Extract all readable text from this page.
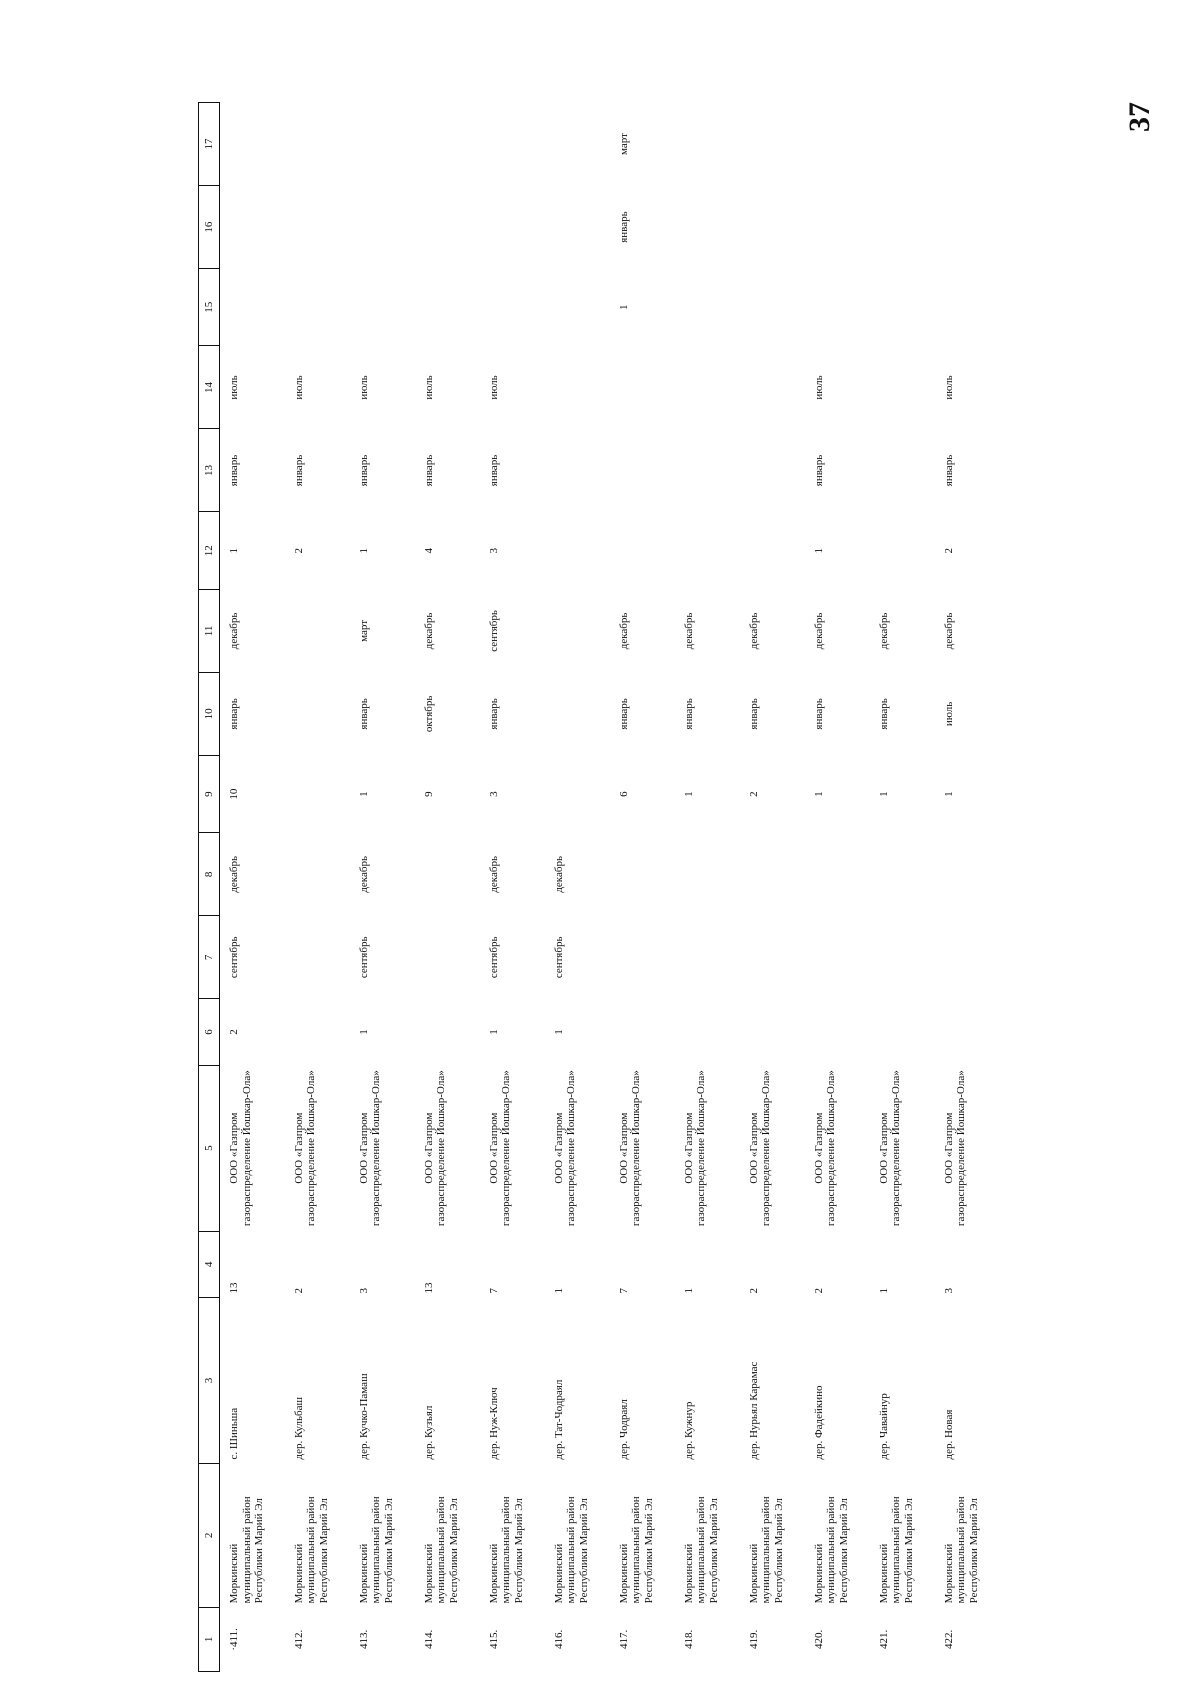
37
1	2	3	4	5	6	7	8	9	10	11	12	13	14	15	16	17
·411.	Моркинский муниципальный район Республики Марий Эл	с. Шиньша	13	ООО «Газпром газораспределение Йошкар-Ола»	2	сентябрь	декабрь	10	январь	декабрь	1	январь	июль			
412.	Моркинский муниципальный район Республики Марий Эл	дер. Кульбаш	2	ООО «Газпром газораспределение Йошкар-Ола»							2	январь	июль			
413.	Моркинский муниципальный район Республики Марий Эл	дер. Кучко-Памаш	3	ООО «Газпром газораспределение Йошкар-Ола»	1	сентябрь	декабрь	1	январь	март	1	январь	июль			
414.	Моркинский муниципальный район Республики Марий Эл	дер. Кузъял	13	ООО «Газпром газораспределение Йошкар-Ола»				9	октябрь	декабрь	4	январь	июль			
415.	Моркинский муниципальный район Республики Марий Эл	дер. Нуж-Ключ	7	ООО «Газпром газораспределение Йошкар-Ола»	1	сентябрь	декабрь	3	январь	сентябрь	3	январь	июль			
416.	Моркинский муниципальный район Республики Марий Эл	дер. Тат-Чодраял	1	ООО «Газпром газораспределение Йошкар-Ола»	1	сентябрь	декабрь									
417.	Моркинский муниципальный район Республики Марий Эл	дер. Чодраял	7	ООО «Газпром газораспределение Йошкар-Ола»				6	январь	декабрь				1	январь	март
418.	Моркинский муниципальный район Республики Марий Эл	дер. Кужнур	1	ООО «Газпром газораспределение Йошкар-Ола»				1	январь	декабрь						
419.	Моркинский муниципальный район Республики Марий Эл	дер. Нурьял Карамас	2	ООО «Газпром газораспределение Йошкар-Ола»				2	январь	декабрь						
420.	Моркинский муниципальный район Республики Марий Эл	дер. Фадейкино	2	ООО «Газпром газораспределение Йошкар-Ола»				1	январь	декабрь	1	январь	июль			
421.	Моркинский муниципальный район Республики Марий Эл	дер. Чавайнур	1	ООО «Газпром газораспределение Йошкар-Ола»				1	январь	декабрь						
422.	Моркинский муниципальный район Республики Марий Эл	дер. Новая	3	ООО «Газпром газораспределение Йошкар-Ола»				1	июль	декабрь	2	январь	июль			
